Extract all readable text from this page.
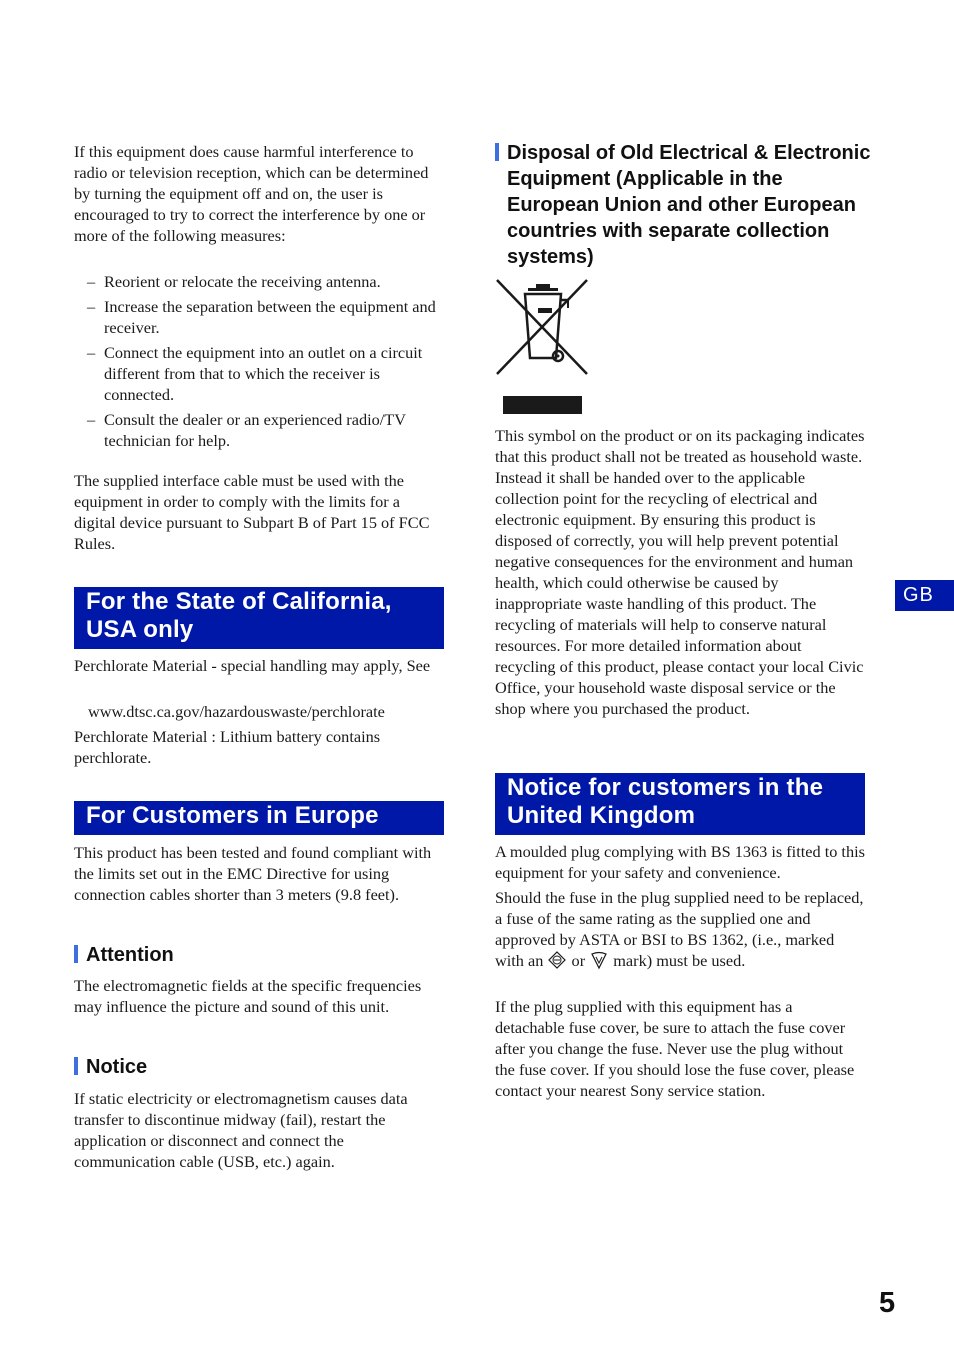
If this equipment does cause harmful interference to radio or television reception, which can be determined by turning the equipment off and on, the user is encouraged to try to correct the interference by one or more of the following measures:

– Reorient or relocate the receiving antenna.
– Increase the separation between the equipment and receiver.
– Connect the equipment into an outlet on a circuit different from that to which the receiver is connected.
– Consult the dealer or an experienced radio/TV technician for help.

The supplied interface cable must be used with the equipment in order to comply with the limits for a digital device pursuant to Subpart B of Part 15 of FCC Rules.

For the State of California, USA only

Perchlorate Material - special handling may apply, See

www.dtsc.ca.gov/hazardouswaste/perchlorate

Perchlorate Material : Lithium battery contains perchlorate.

For Customers in Europe

This product has been tested and found compliant with the limits set out in the EMC Directive for using connection cables shorter than 3 meters (9.8 feet).

Attention

The electromagnetic fields at the specific frequencies may influence the picture and sound of this unit.

Notice

If static electricity or electromagnetism causes data transfer to discontinue midway (fail), restart the application or disconnect and connect the communication cable (USB, etc.) again.

Disposal of Old Electrical & Electronic Equipment (Applicable in the European Union and other European countries with separate collection systems)

This symbol on the product or on its packaging indicates that this product shall not be treated as household waste. Instead it shall be handed over to the applicable collection point for the recycling of electrical and electronic equipment. By ensuring this product is disposed of correctly, you will help prevent potential negative consequences for the environment and human health, which could otherwise be caused by inappropriate waste handling of this product. The recycling of materials will help to conserve natural resources. For more detailed information about recycling of this product, please contact your local Civic Office, your household waste disposal service or the shop where you purchased the product.

Notice for customers in the United Kingdom

A moulded plug complying with BS 1363 is fitted to this equipment for your safety and convenience.

Should the fuse in the plug supplied need to be replaced, a fuse of the same rating as the supplied one and approved by ASTA or BSI to BS 1362, (i.e., marked with an or mark) must be used.

If the plug supplied with this equipment has a detachable fuse cover, be sure to attach the fuse cover after you change the fuse. Never use the plug without the fuse cover. If you should lose the fuse cover, please contact your nearest Sony service station.

GB
5
